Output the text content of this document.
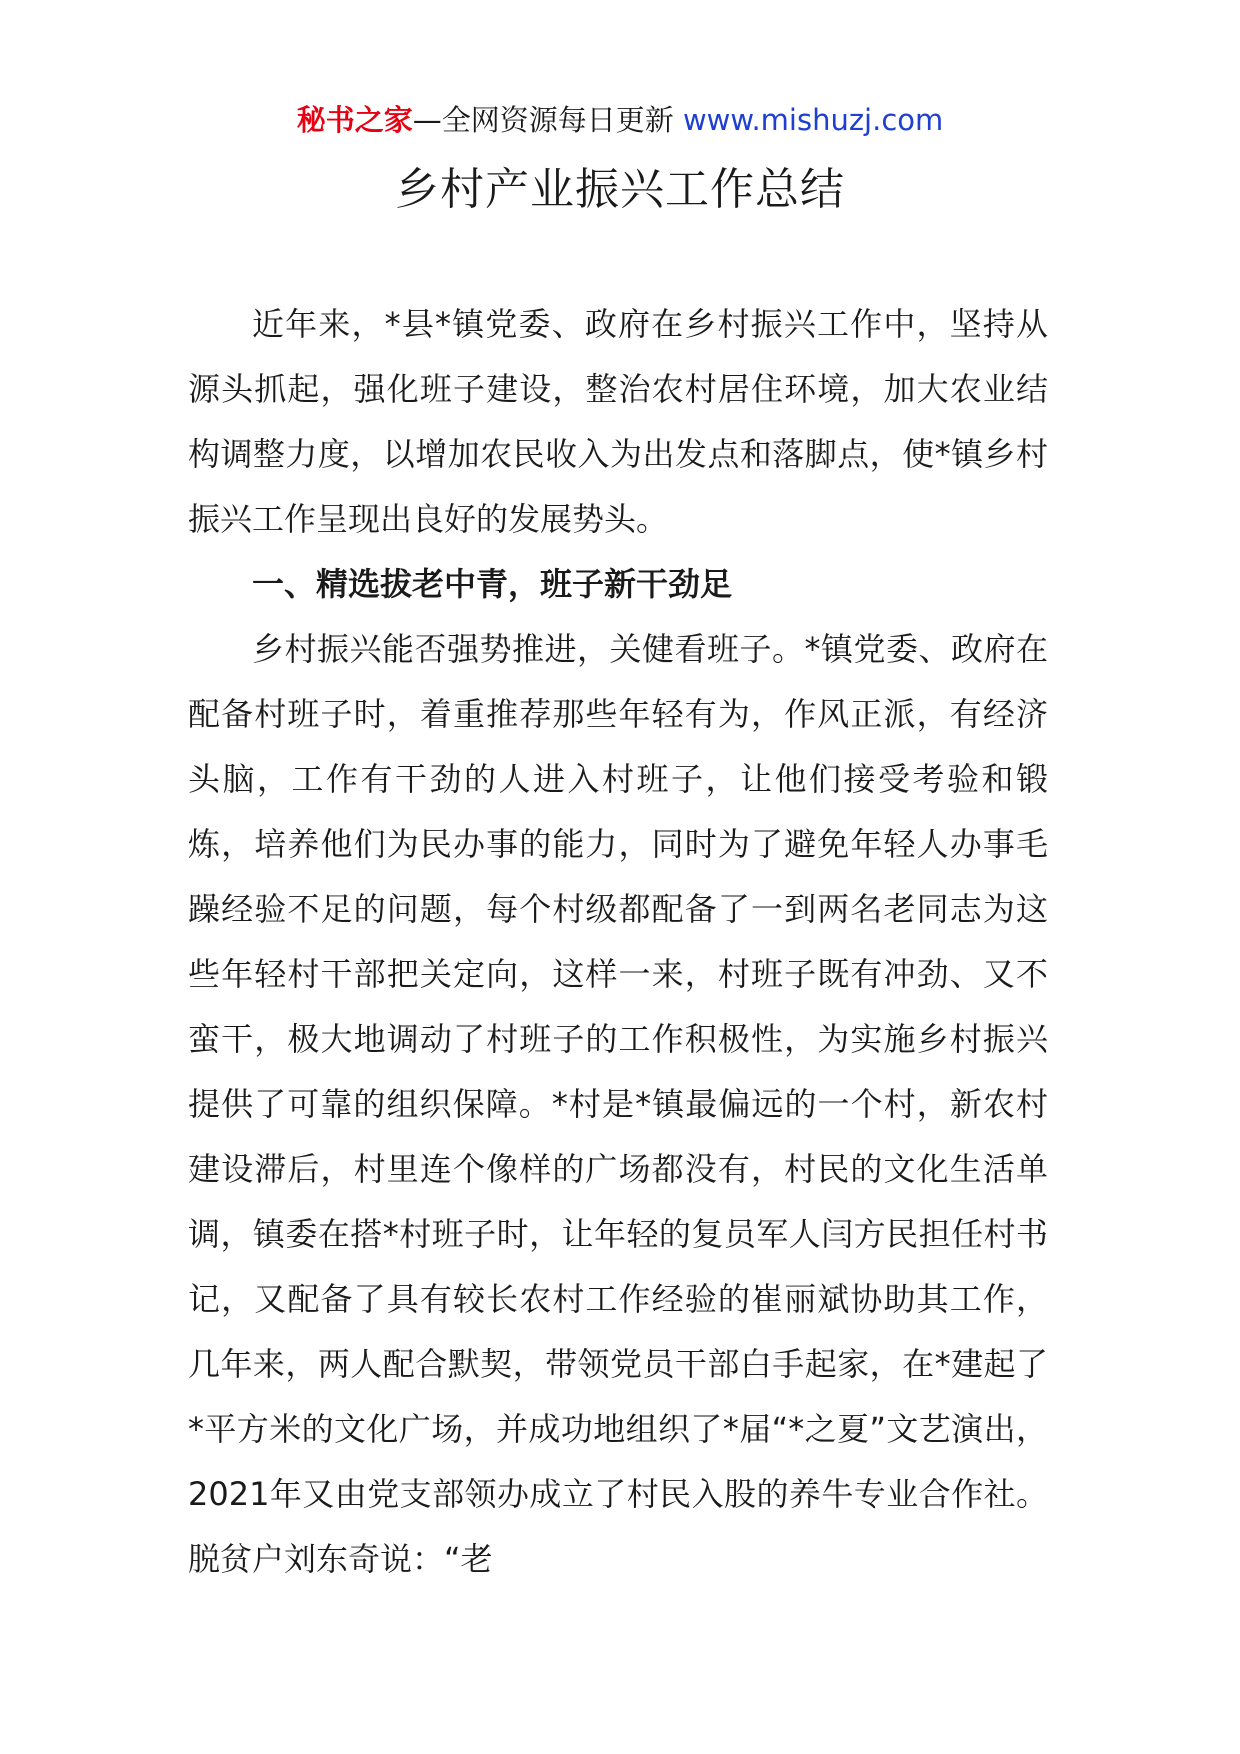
秘书之家—全网资源每日更新 www.mishuzj.com
乡村产业振兴工作总结

近年来，*县*镇党委、政府在乡村振兴工作中，坚持从源头抓起，强化班子建设，整治农村居住环境，加大农业结构调整力度，以增加农民收入为出发点和落脚点，使*镇乡村振兴工作呈现出良好的发展势头。

一、精选拔老中青，班子新干劲足

乡村振兴能否强势推进，关健看班子。*镇党委、政府在配备村班子时，着重推荐那些年轻有为，作风正派，有经济头脑，工作有干劲的人进入村班子，让他们接受考验和锻炼，培养他们为民办事的能力，同时为了避免年轻人办事毛躁经验不足的问题，每个村级都配备了一到两名老同志为这些年轻村干部把关定向，这样一来，村班子既有冲劲、又不蛮干，极大地调动了村班子的工作积极性，为实施乡村振兴提供了可靠的组织保障。*村是*镇最偏远的一个村，新农村建设滞后，村里连个像样的广场都没有，村民的文化生活单调，镇委在搭*村班子时，让年轻的复员军人闫方民担任村书记，又配备了具有较长农村工作经验的崔丽斌协助其工作，几年来，两人配合默契，带领党员干部白手起家，在*建起了*平方米的文化广场，并成功地组织了*届“*之夏”文艺演出，2021年又由党支部领办成立了村民入股的养牛专业合作社。脱贫户刘东奇说：“老
